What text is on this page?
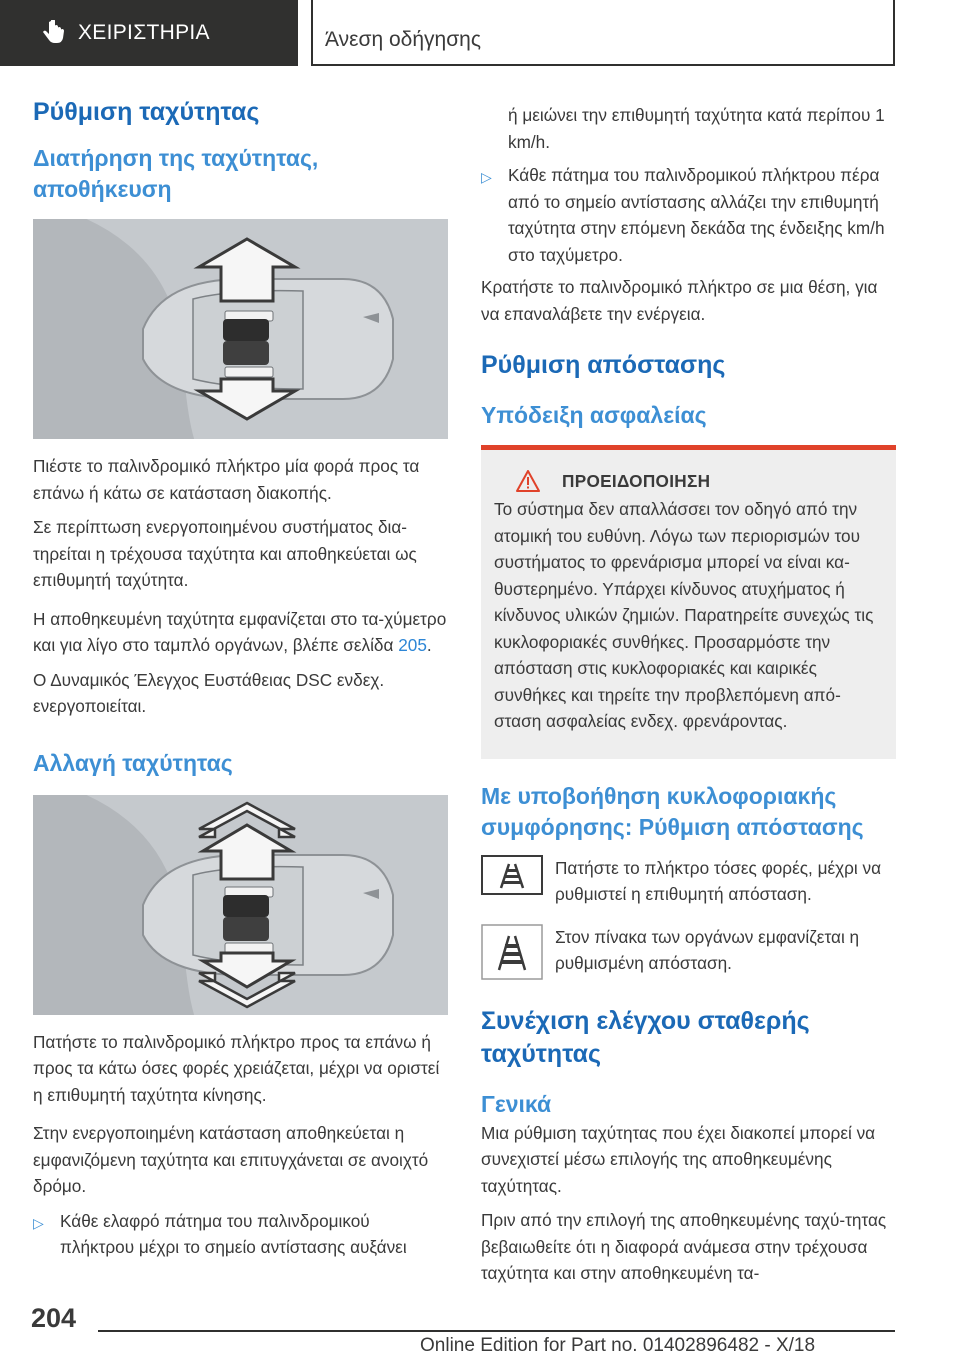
ΧΕΙΡΙΣΤΗΡΙΑ	Άνεση οδήγησης
Ρύθμιση ταχύτητας
Διατήρηση της ταχύτητας, αποθήκευση

Πιέστε το παλινδρομικό πλήκτρο μία φορά προς τα επάνω ή κάτω σε κατάσταση διακοπής.

Σε περίπτωση ενεργοποιημένου συστήματος δια-τηρείται η τρέχουσα ταχύτητα και αποθηκεύεται ως επιθυμητή ταχύτητα.

Η αποθηκευμένη ταχύτητα εμφανίζεται στο τα-χύμετρο και για λίγο στο ταμπλό οργάνων, βλέπε σελίδα 205.

Ο Δυναμικός Έλεγχος Ευστάθειας DSC ενδεχ. ενεργοποιείται.

Αλλαγή ταχύτητας

Πατήστε το παλινδρομικό πλήκτρο προς τα επάνω ή προς τα κάτω όσες φορές χρειάζεται, μέχρι να οριστεί η επιθυμητή ταχύτητα κίνησης.

Στην ενεργοποιημένη κατάσταση αποθηκεύεται η εμφανιζόμενη ταχύτητα και επιτυγχάνεται σε ανοιχτό δρόμο.

▷ Κάθε ελαφρό πάτημα του παλινδρομικού πλήκτρου μέχρι το σημείο αντίστασης αυξάνει

ή μειώνει την επιθυμητή ταχύτητα κατά περίπου 1 km/h.

▷ Κάθε πάτημα του παλινδρομικού πλήκτρου πέρα από το σημείο αντίστασης αλλάζει την επιθυμητή ταχύτητα στην επόμενη δεκάδα της ένδειξης km/h στο ταχύμετρο.

Κρατήστε το παλινδρομικό πλήκτρο σε μια θέση, για να επαναλάβετε την ενέργεια.

Ρύθμιση απόστασης
Υπόδειξη ασφαλείας
ΠΡΟΕΙΔΟΠΟΙΗΣΗ

Το σύστημα δεν απαλλάσσει τον οδηγό από την ατομική του ευθύνη. Λόγω των περιορισμών του συστήματος το φρενάρισμα μπορεί να είναι κα-θυστερημένο. Υπάρχει κίνδυνος ατυχήματος ή κίνδυνος υλικών ζημιών. Παρατηρείτε συνεχώς τις κυκλοφοριακές συνθήκες. Προσαρμόστε την απόσταση στις κυκλοφοριακές και καιρικές συνθήκες και τηρείτε την προβλεπόμενη από-σταση ασφαλείας ενδεχ. φρενάροντας.

Με υποβοήθηση κυκλοφοριακής συμφόρησης: Ρύθμιση απόστασης

Πατήστε το πλήκτρο τόσες φορές, μέχρι να ρυθμιστεί η επιθυμητή απόσταση.

Στον πίνακα των οργάνων εμφανίζεται η ρυθμισμένη απόσταση.

Συνέχιση ελέγχου σταθερής ταχύτητας
Γενικά

Μια ρύθμιση ταχύτητας που έχει διακοπεί μπορεί να συνεχιστεί μέσω επιλογής της αποθηκευμένης ταχύτητας.

Πριν από την επιλογή της αποθηκευμένης ταχύ-τητας βεβαιωθείτε ότι η διαφορά ανάμεσα στην τρέχουσα ταχύτητα και στην αποθηκευμένη τα-

204
Online Edition for Part no. 01402896482 - X/18
